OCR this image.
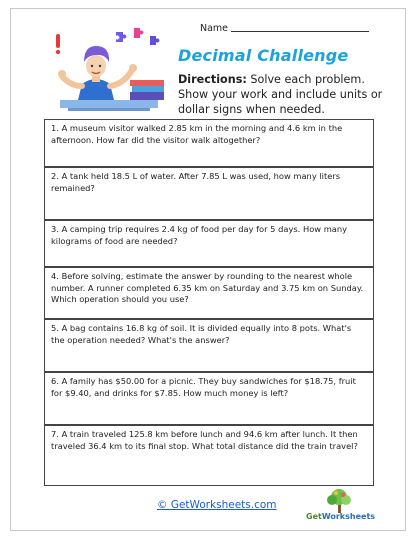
Name
Decimal Challenge
Directions: Solve each problem. Show your work and include units or dollar signs when needed.
1. A museum visitor walked 2.85 km in the morning and 4.6 km in the afternoon. How far did the visitor walk altogether?
2. A tank held 18.5 L of water. After 7.85 L was used, how many liters remained?
3. A camping trip requires 2.4 kg of food per day for 5 days. How many kilograms of food are needed?
4. Before solving, estimate the answer by rounding to the nearest whole number. A runner completed 6.35 km on Saturday and 3.75 km on Sunday. Which operation should you use?
5. A bag contains 16.8 kg of soil. It is divided equally into 8 pots. What's the operation needed? What's the answer?
6. A family has $50.00 for a picnic. They buy sandwiches for $18.75, fruit for $9.40, and drinks for $7.85. How much money is left?
7. A train traveled 125.8 km before lunch and 94.6 km after lunch. It then traveled 36.4 km to its final stop. What total distance did the train travel?
© GetWorksheets.com
GetWorksheets
